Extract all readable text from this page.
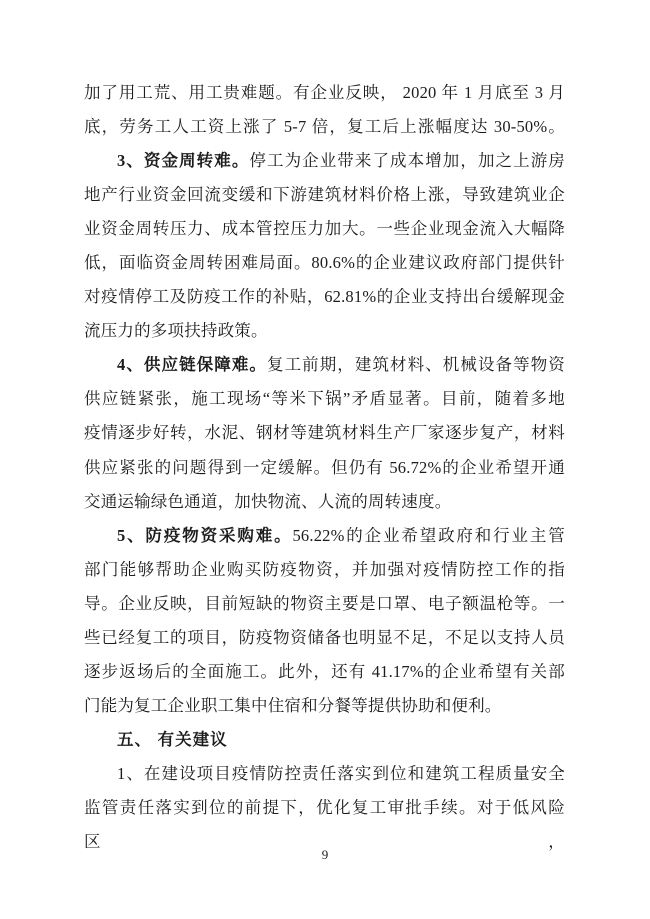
加了用工荒、用工贵难题。有企业反映， 2020 年 1 月底至 3 月
底，劳务工人工资上涨了 5-7 倍，复工后上涨幅度达 30-50%。
3、资金周转难。停工为企业带来了成本增加，加之上游房
地产行业资金回流变缓和下游建筑材料价格上涨，导致建筑业企
业资金周转压力、成本管控压力加大。一些企业现金流入大幅降
低，面临资金周转困难局面。80.6%的企业建议政府部门提供针
对疫情停工及防疫工作的补贴，62.81%的企业支持出台缓解现金
流压力的多项扶持政策。
4、供应链保障难。复工前期，建筑材料、机械设备等物资
供应链紧张，施工现场“等米下锅”矛盾显著。目前，随着多地
疫情逐步好转，水泥、钢材等建筑材料生产厂家逐步复产，材料
供应紧张的问题得到一定缓解。但仍有 56.72%的企业希望开通
交通运输绿色通道，加快物流、人流的周转速度。
5、防疫物资采购难。56.22%的企业希望政府和行业主管
部门能够帮助企业购买防疫物资，并加强对疫情防控工作的指
导。企业反映，目前短缺的物资主要是口罩、电子额温枪等。一
些已经复工的项目，防疫物资储备也明显不足，不足以支持人员
逐步返场后的全面施工。此外，还有 41.17%的企业希望有关部
门能为复工企业职工集中住宿和分餐等提供协助和便利。
五、 有关建议
1、在建设项目疫情防控责任落实到位和建筑工程质量安全
监管责任落实到位的前提下，优化复工审批手续。对于低风险区，
9
